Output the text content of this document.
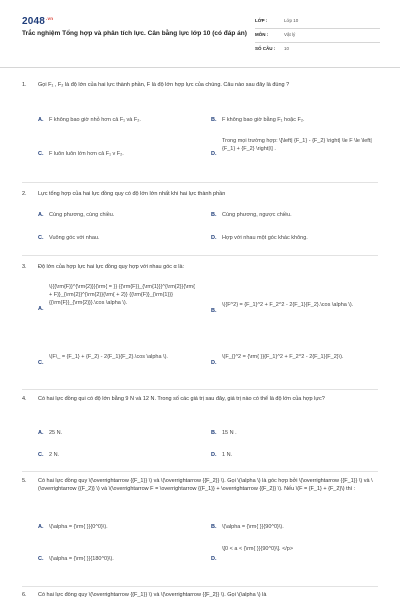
$2048^{.vn}$
Trắc nghiệm Tổng hợp và phân tích lực. Cân bằng lực lớp 10 (có đáp án)
LỚP :	Lớp 10
MÔN :	Vật lý
SỐ CÂU : 10
1. Gọi F₁ , F₂ là độ lớn của hai lực thành phần, F là độ lớn hợp lực của chúng. Câu nào sau đây là đúng ?
A. F không bao giờ nhỏ hơn cả F₁ và F₂.	B. F không bao giờ bằng F₁ hoặc F₂.
C. F luôn luôn lớn hơn cả F₁ v F₂.	D.
Trong mọi trường hợp: \[\left| {F_1} - {F_2} \right| \le F \le \left| {F_1} + {F_2} \right|\] .
2. Lực tổng hợp của hai lực đồng quy có độ lớn lớn nhất khi hai lực thành phần
A. Cùng phương, cùng chiều.	B. Cùng phương, ngược chiều.
C. Vuông góc với nhau.	D. Hợp với nhau một góc khác không.
3. Độ lớn của hợp lực hai lực đồng quy hợp với nhau góc α là:
A.
\({{\rm{F}}^{\rm{2}}}{\rm{ = }} {{\rm{F}}_{\rm{1}}}^{\rm{2}}{\rm{ + F}}_{\rm{2}}^{\rm{2}}{\rm{ + 2}} {{\rm{F}}_{\rm{1}}}{{\rm{F}}_{\rm{2}}}.\cos \alpha \).
B.
\({F^2} = {F_1}^2 + F_2^2 - 2{F_1}{F_2}.\cos \alpha \).
C.
\(F\_ = {F_1} + {F_2} - 2{F_1}{F_2}.\cos \alpha \).
D.
\(F_{}^2 = {\rm{ }}{F_1}^2 + F_2^2 - 2{F_1}{F_2}\).
4. Có hai lực đồng qui có độ lớn bằng 9 N và 12 N. Trong số các giá trị sau đây, giá trị nào có thể là độ lớn của hợp lực?
A. 25 N.	B. 15 N .
C. 2 N.	D. 1 N.
5. Có hai lực đồng quy \(\overrightarrow {{F_1}} \) và \(\overrightarrow {{F_2}} \). Gọi \(\alpha \) là góc hợp bởi \(\overrightarrow {{F_1}} \) và \(\overrightarrow {{F_2}} \) và \(\overrightarrow F = \overrightarrow {{F_1}} + \overrightarrow {{F_2}} \). Nếu \(F = {F_1} + {F_2}\) thì :
A. \(\alpha = {\rm{ }}{0^0}\).	B. \(\alpha = {\rm{ }}{90^0}\).
C. \(\alpha = {\rm{ }}{180^0}\).	D.
\[0 < a < {\rm{ }}{90^0}\]. </p>
6. Có hai lực đồng quy \(\overrightarrow {{F_1}} \) và \(\overrightarrow {{F_2}} \). Gọi \(\alpha \) là
